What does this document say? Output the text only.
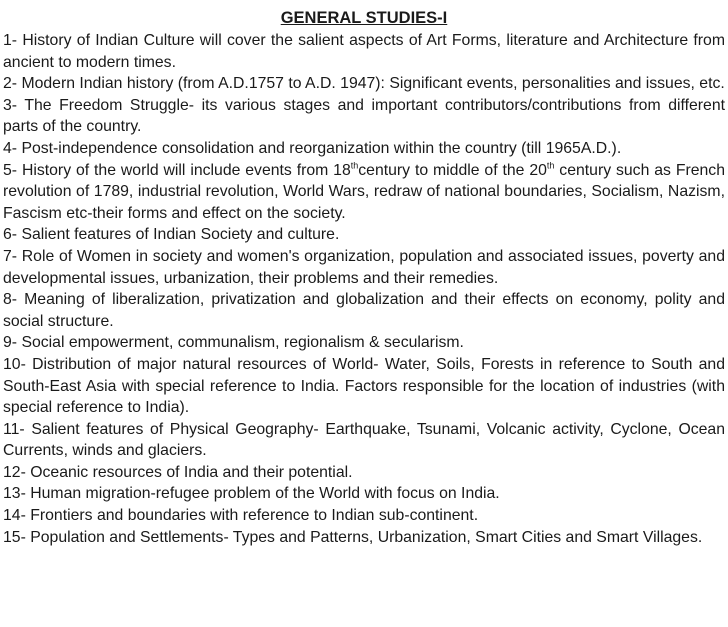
GENERAL STUDIES-I

1- History of Indian Culture will cover the salient aspects of Art Forms, literature and Architecture from ancient to modern times.

2- Modern Indian history (from A.D.1757 to A.D. 1947): Significant events, personalities and issues, etc.

3- The Freedom Struggle- its various stages and important contributors/contributions from different parts of the country.

4- Post-independence consolidation and reorganization within the country (till 1965A.D.).

5- History of the world will include events from 18thcentury to middle of the 20th century such as French revolution of 1789, industrial revolution, World Wars, redraw of national boundaries, Socialism, Nazism, Fascism etc-their forms and effect on the society.

6- Salient features of Indian Society and culture.

7- Role of Women in society and women's organization, population and associated issues, poverty and developmental issues, urbanization, their problems and their remedies.

8- Meaning of liberalization, privatization and globalization and their effects on economy, polity and social structure.

9- Social empowerment, communalism, regionalism & secularism.

10- Distribution of major natural resources of World- Water, Soils, Forests in reference to South and South-East Asia with special reference to India. Factors responsible for the location of industries (with special reference to India).

11- Salient features of Physical Geography- Earthquake, Tsunami, Volcanic activity, Cyclone, Ocean Currents, winds and glaciers.

12- Oceanic resources of India and their potential.

13- Human migration-refugee problem of the World with focus on India.

14- Frontiers and boundaries with reference to Indian sub-continent.

15- Population and Settlements- Types and Patterns, Urbanization, Smart Cities and Smart Villages.
